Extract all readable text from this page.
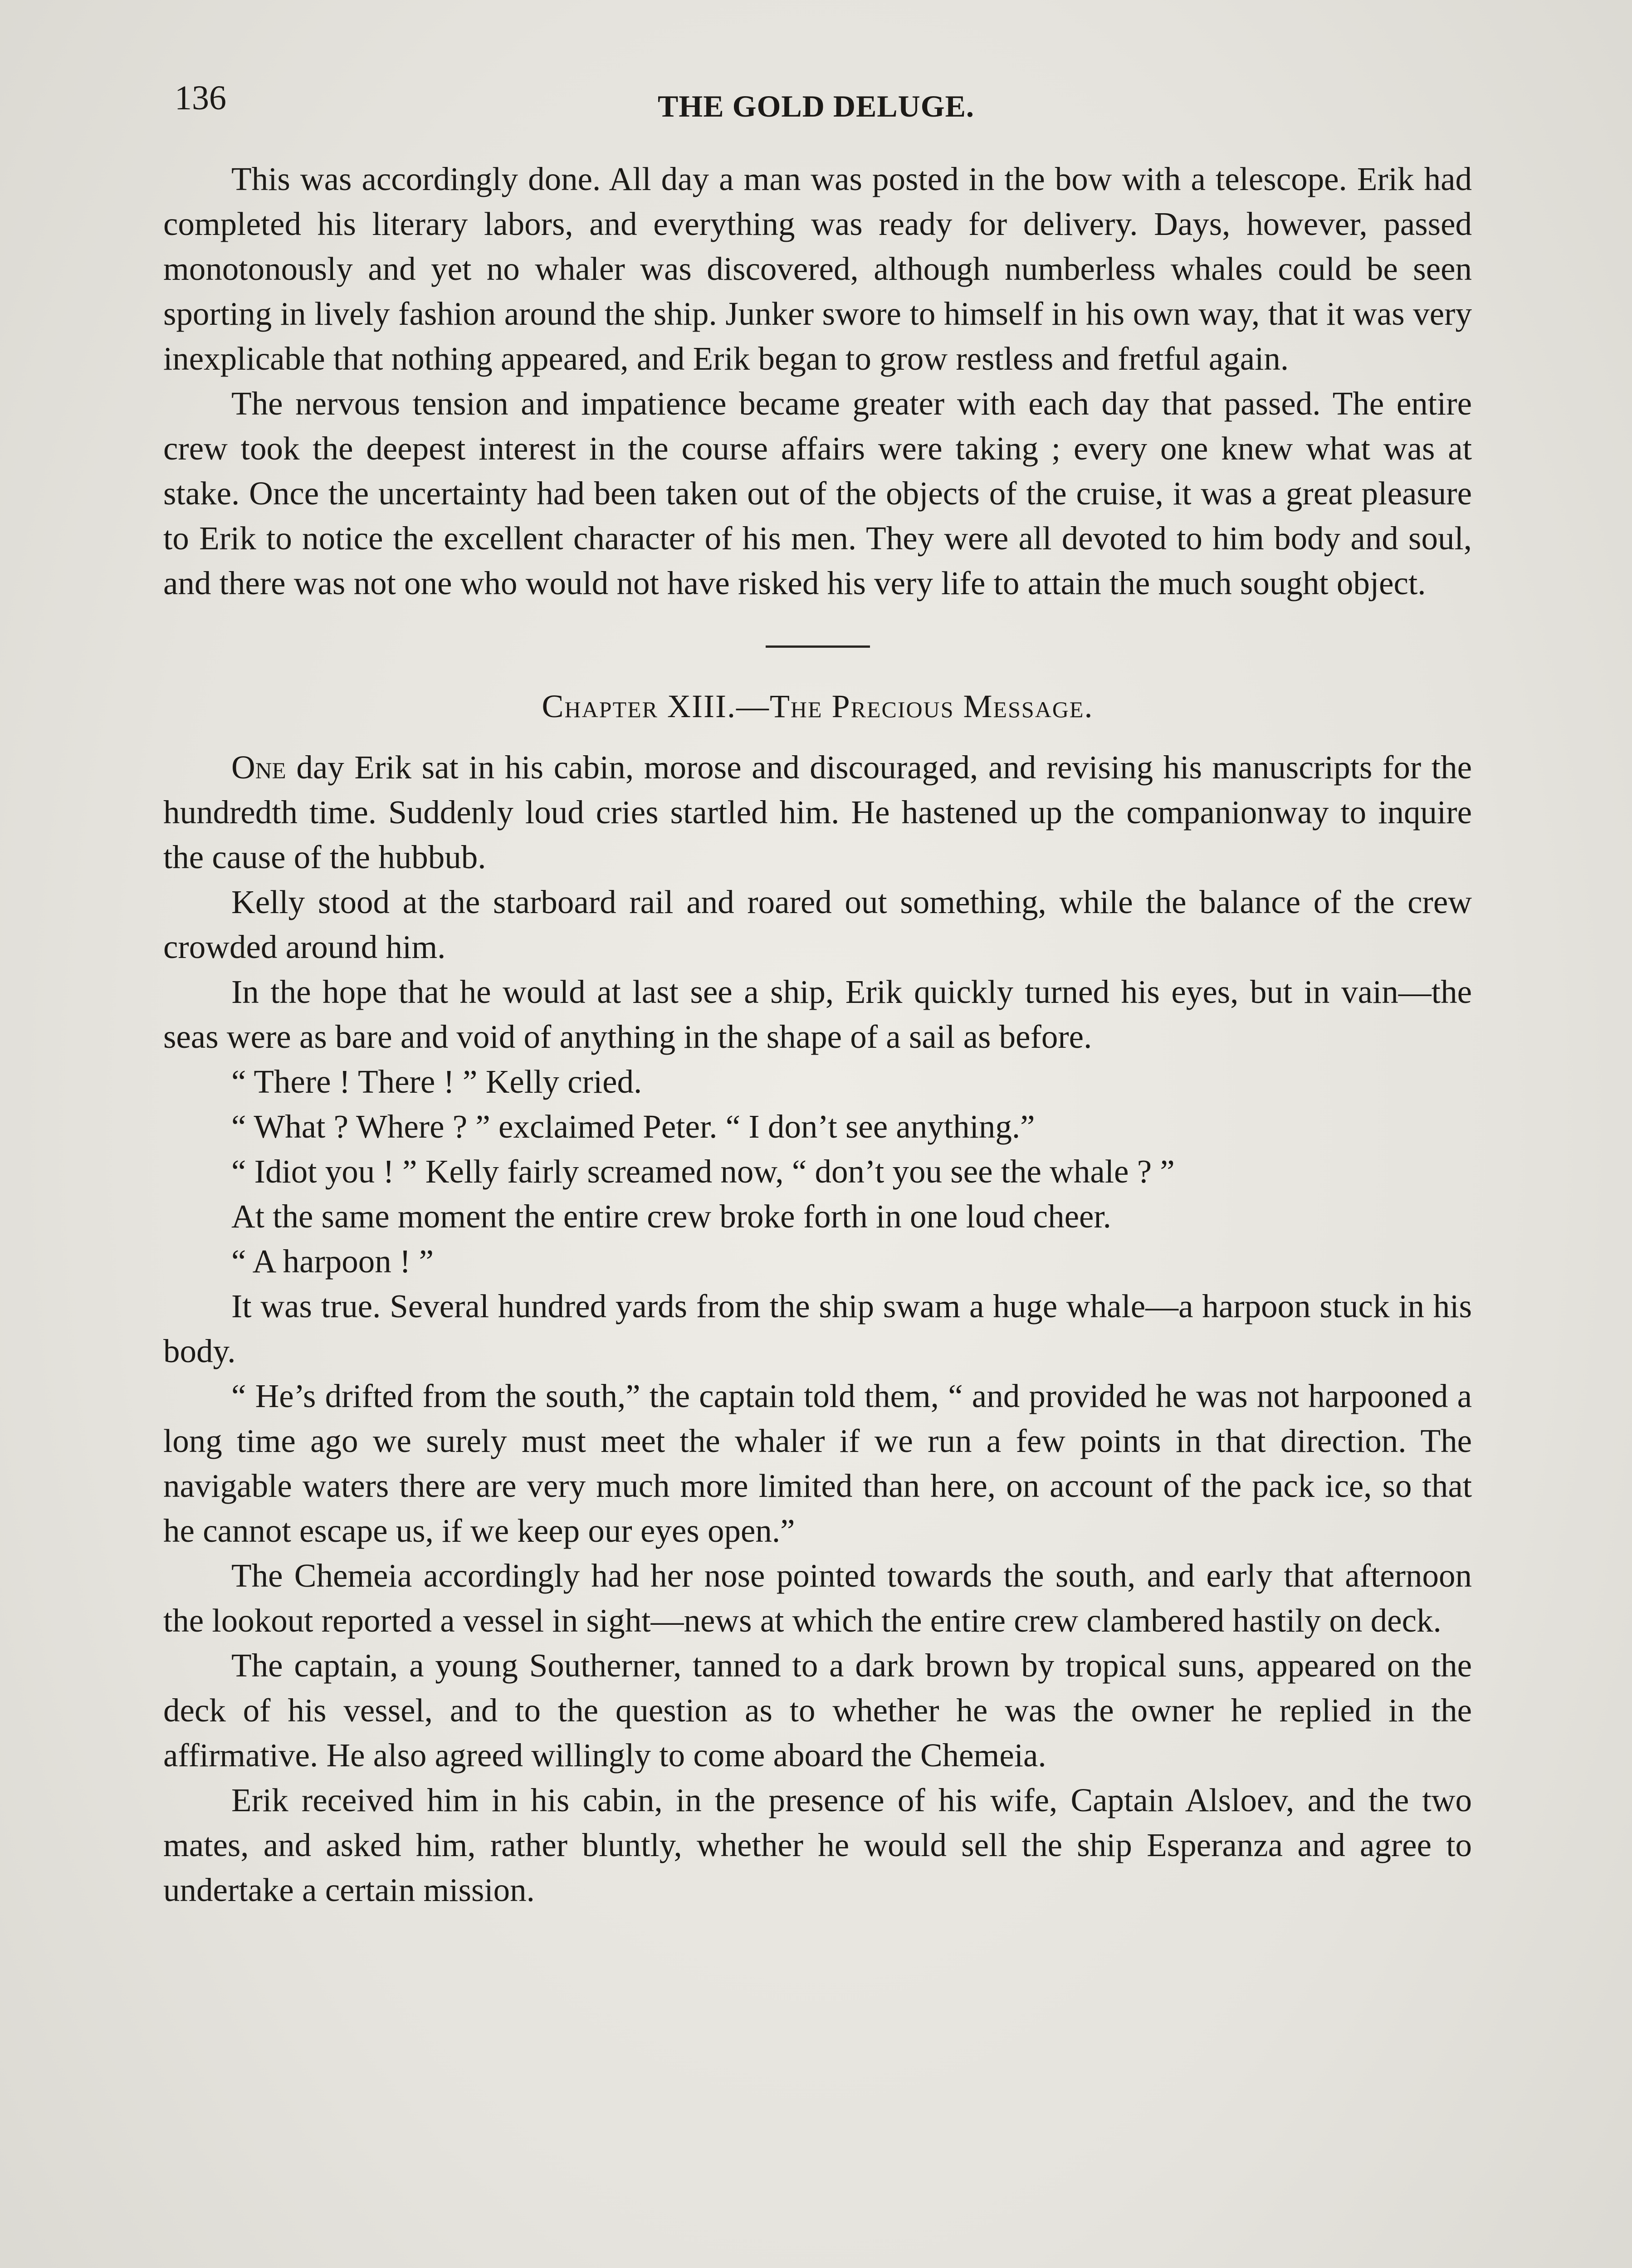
136	THE GOLD DELUGE.

This was accordingly done. All day a man was posted in the bow with a telescope. Erik had completed his literary labors, and everything was ready for delivery. Days, however, passed monotonously and yet no whaler was discovered, although numberless whales could be seen sporting in lively fashion around the ship. Junker swore to himself in his own way, that it was very inexplicable that nothing appeared, and Erik began to grow restless and fretful again.

The nervous tension and impatience became greater with each day that passed. The entire crew took the deepest interest in the course affairs were taking ; every one knew what was at stake. Once the uncertainty had been taken out of the objects of the cruise, it was a great pleasure to Erik to notice the excellent character of his men. They were all devoted to him body and soul, and there was not one who would not have risked his very life to attain the much sought object.

Chapter XIII.—The Precious Message.

One day Erik sat in his cabin, morose and discouraged, and revising his manuscripts for the hundredth time. Suddenly loud cries startled him. He hastened up the companionway to inquire the cause of the hubbub.

Kelly stood at the starboard rail and roared out something, while the balance of the crew crowded around him.

In the hope that he would at last see a ship, Erik quickly turned his eyes, but in vain—the seas were as bare and void of anything in the shape of a sail as before.

“ There ! There ! ” Kelly cried.

“ What ? Where ? ” exclaimed Peter. “ I don’t see anything.”

“ Idiot you ! ” Kelly fairly screamed now, “ don’t you see the whale ? ”

At the same moment the entire crew broke forth in one loud cheer.

“ A harpoon ! ”

It was true. Several hundred yards from the ship swam a huge whale—a harpoon stuck in his body.

“ He’s drifted from the south,” the captain told them, “ and provided he was not harpooned a long time ago we surely must meet the whaler if we run a few points in that direction. The navigable waters there are very much more limited than here, on account of the pack ice, so that he cannot escape us, if we keep our eyes open.”

The Chemeia accordingly had her nose pointed towards the south, and early that afternoon the lookout reported a vessel in sight—news at which the entire crew clambered hastily on deck.

The captain, a young Southerner, tanned to a dark brown by tropical suns, appeared on the deck of his vessel, and to the question as to whether he was the owner he replied in the affirmative. He also agreed willingly to come aboard the Chemeia.

Erik received him in his cabin, in the presence of his wife, Captain Alsloev, and the two mates, and asked him, rather bluntly, whether he would sell the ship Esperanza and agree to undertake a certain mission.
